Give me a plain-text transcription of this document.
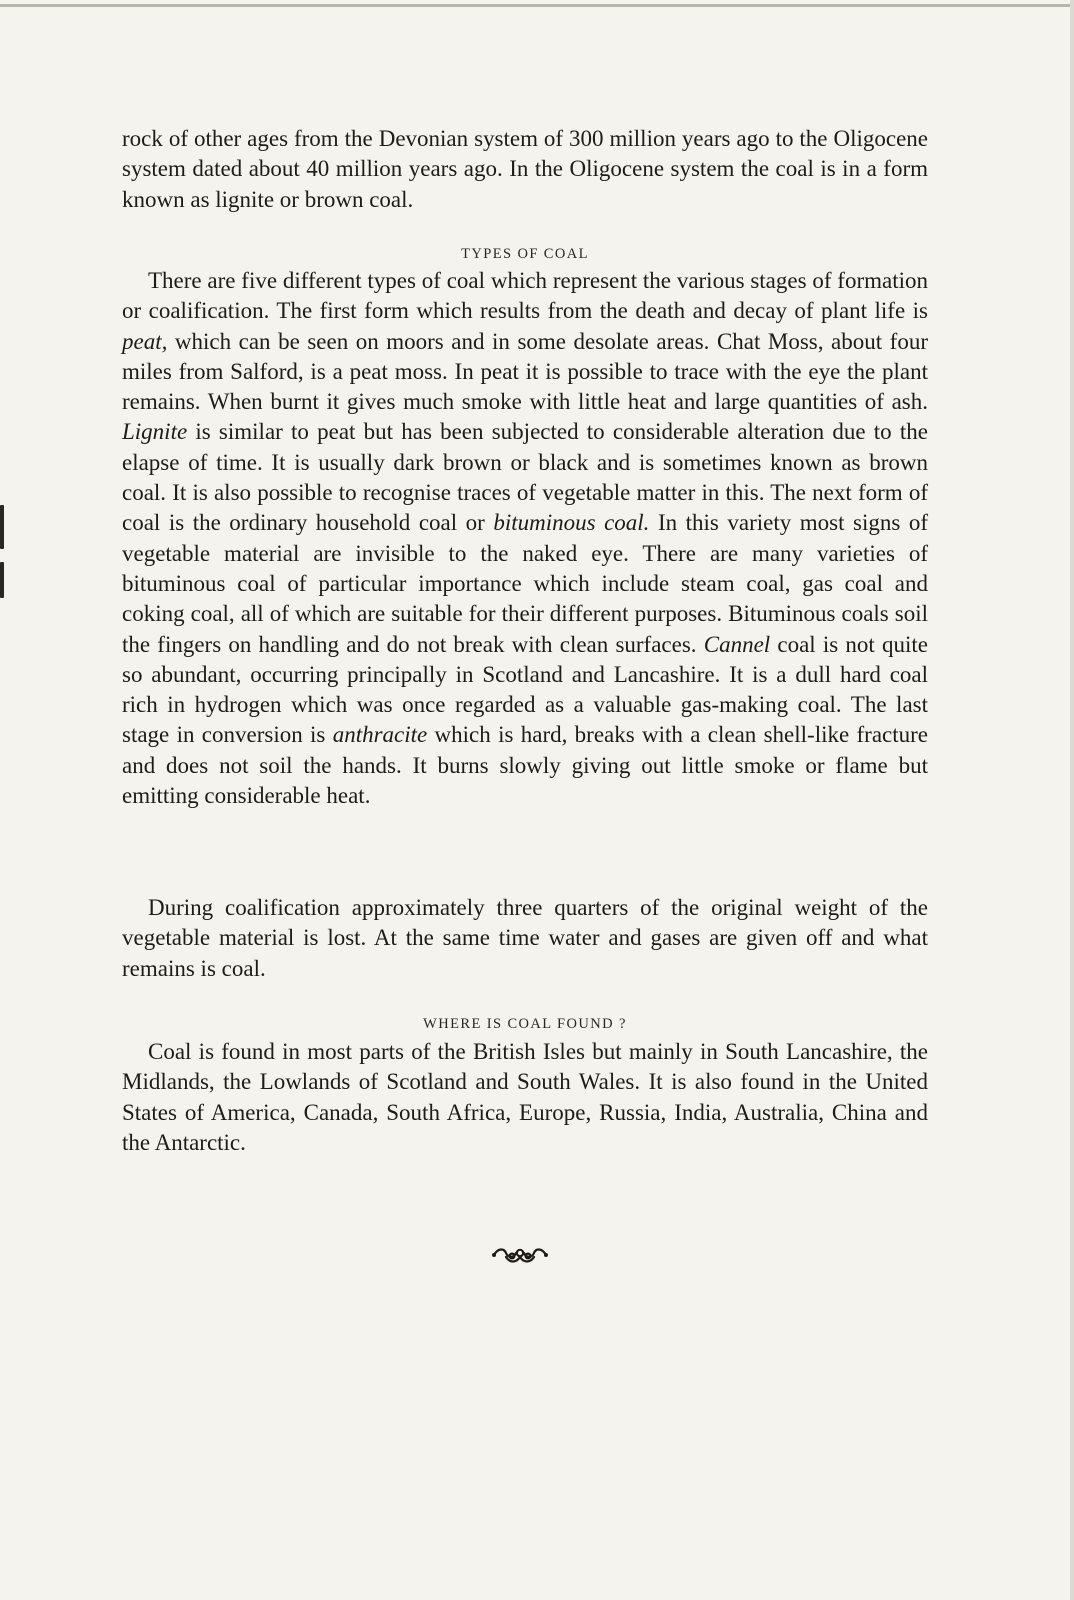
rock of other ages from the Devonian system of 300 million years ago to the Oligocene system dated about 40 million years ago. In the Oligocene system the coal is in a form known as lignite or brown coal.

TYPES OF COAL

There are five different types of coal which represent the various stages of formation or coalification. The first form which results from the death and decay of plant life is peat, which can be seen on moors and in some desolate areas. Chat Moss, about four miles from Salford, is a peat moss. In peat it is possible to trace with the eye the plant remains. When burnt it gives much smoke with little heat and large quantities of ash. Lignite is similar to peat but has been subjected to considerable alteration due to the elapse of time. It is usually dark brown or black and is sometimes known as brown coal. It is also possible to recognise traces of vegetable matter in this. The next form of coal is the ordinary household coal or bituminous coal. In this variety most signs of vegetable material are invisible to the naked eye. There are many varieties of bituminous coal of particular importance which include steam coal, gas coal and coking coal, all of which are suitable for their different purposes. Bituminous coals soil the fingers on handling and do not break with clean surfaces. Cannel coal is not quite so abundant, occurring principally in Scotland and Lancashire. It is a dull hard coal rich in hydrogen which was once regarded as a valuable gas-making coal. The last stage in conversion is anthracite which is hard, breaks with a clean shell-like fracture and does not soil the hands. It burns slowly giving out little smoke or flame but emitting considerable heat.

During coalification approximately three quarters of the original weight of the vegetable material is lost. At the same time water and gases are given off and what remains is coal.

WHERE IS COAL FOUND ?

Coal is found in most parts of the British Isles but mainly in South Lancashire, the Midlands, the Lowlands of Scotland and South Wales. It is also found in the United States of America, Canada, South Africa, Europe, Russia, India, Australia, China and the Antarctic.
